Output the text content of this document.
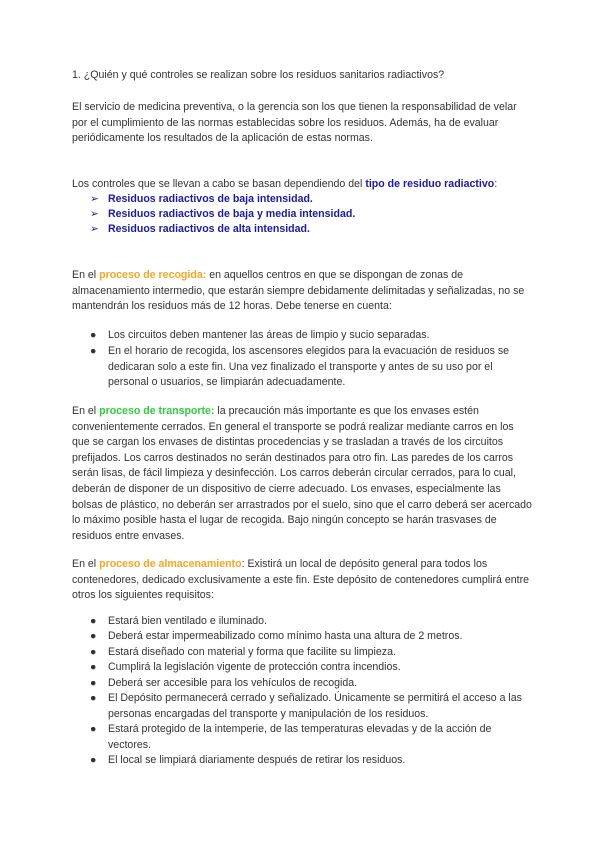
1. ¿Quién y qué controles se realizan sobre los residuos sanitarios radiactivos?

El servicio de medicina preventiva, o la gerencia son los que tienen la responsabilidad de velar por el cumplimiento de las normas establecidas sobre los residuos. Además, ha de evaluar periódicamente los resultados de la aplicación de estas normas.

Los controles que se llevan a cabo se basan dependiendo del tipo de residuo radiactivo:

➢ Residuos radiactivos de baja intensidad.
➢ Residuos radiactivos de baja y media intensidad.
➢ Residuos radiactivos de alta intensidad.

En el proceso de recogida: en aquellos centros en que se dispongan de zonas de almacenamiento intermedio, que estarán siempre debidamente delimitadas y señalizadas, no se mantendrán los residuos más de 12 horas. Debe tenerse en cuenta:

●	Los circuitos deben mantener las áreas de limpio y sucio separadas.
●	En el horario de recogida, los ascensores elegidos para la evacuación de residuos se dedicaran solo a este fin. Una vez finalizado el transporte y antes de su uso por el personal o usuarios, se limpiarán adecuadamente.

En el proceso de transporte: la precaución más importante es que los envases estén convenientemente cerrados. En general el transporte se podrá realizar mediante carros en los que se cargan los envases de distintas procedencias y se trasladan a través de los circuitos prefijados. Los carros destinados no serán destinados para otro fin. Las paredes de los carros serán lisas, de fácil limpieza y desinfección. Los carros deberán circular cerrados, para lo cual, deberán de disponer de un dispositivo de cierre adecuado. Los envases, especialmente las bolsas de plástico, no deberán ser arrastrados por el suelo, sino que el carro deberá ser acercado lo máximo posible hasta el lugar de recogida. Bajo ningún concepto se harán trasvases de residuos entre envases.

En el proceso de almacenamiento: Existirá un local de depósito general para todos los contenedores, dedicado exclusivamente a este fin. Este depósito de contenedores cumplirá entre otros los siguientes requisitos:

●	Estará bien ventilado e iluminado.
●	Deberá estar impermeabilizado como mínimo hasta una altura de 2 metros.
●	Estará diseñado con material y forma que facilite su limpieza.
●	Cumplirá la legislación vigente de protección contra incendios.
●	Deberá ser accesible para los vehículos de recogida.
●	El Depósito permanecerá cerrado y señalizado. Únicamente se permitirá el acceso a las personas encargadas del transporte y manipulación de los residuos.
●	Estará protegido de la intemperie, de las temperaturas elevadas y de la acción de vectores.
●	El local se limpiará diariamente después de retirar los residuos.
